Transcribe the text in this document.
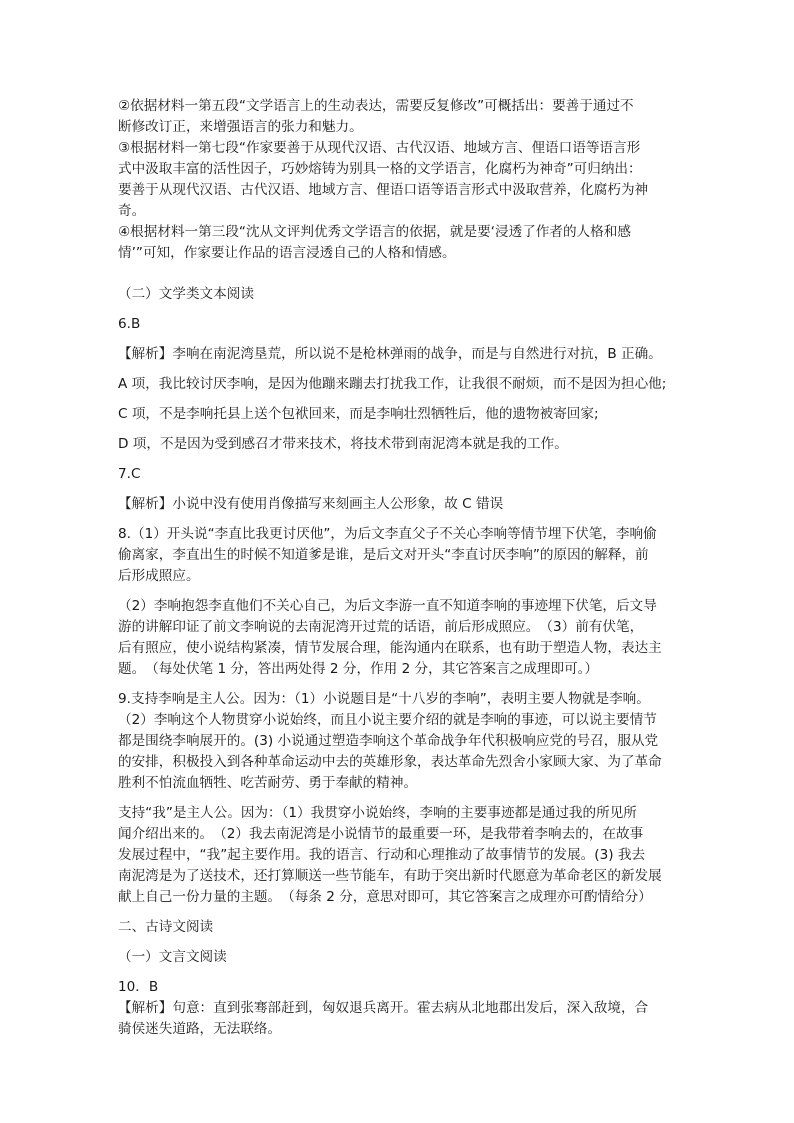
②依据材料一第五段“文学语言上的生动表达，需要反复修改”可概括出：要善于通过不

断修改订正，来增强语言的张力和魅力。

③根据材料一第七段“作家要善于从现代汉语、古代汉语、地域方言、俚语口语等语言形

式中汲取丰富的活性因子，巧妙熔铸为别具一格的文学语言，化腐朽为神奇”可归纳出：

要善于从现代汉语、古代汉语、地域方言、俚语口语等语言形式中汲取营养，化腐朽为神

奇。

④根据材料一第三段“沈从文评判优秀文学语言的依据，就是要‘浸透了作者的人格和感

情’”可知，作家要让作品的语言浸透自己的人格和情感。

（二）文学类文本阅读

6.B

【解析】李响在南泥湾垦荒，所以说不是枪林弹雨的战争，而是与自然进行对抗，B 正确。

A 项，我比较讨厌李响，是因为他蹦来蹦去打扰我工作，让我很不耐烦，而不是因为担心他;

C 项，不是李响托县上送个包袱回来，而是李响壮烈牺牲后，他的遗物被寄回家;

D 项，不是因为受到感召才带来技术，将技术带到南泥湾本就是我的工作。

7.C

【解析】小说中没有使用肖像描写来刻画主人公形象，故 C 错误

8.（1）开头说“李直比我更讨厌他”，为后文李直父子不关心李响等情节埋下伏笔，李响偷

偷离家，李直出生的时候不知道爹是谁，是后文对开头“李直讨厌李响”的原因的解释，前

后形成照应。

（2）李响抱怨李直他们不关心自己，为后文李游一直不知道李响的事迹埋下伏笔，后文导

游的讲解印证了前文李响说的去南泥湾开过荒的话语，前后形成照应。　（3）前有伏笔，

后有照应，使小说结构紧凑，情节发展合理，能沟通内在联系，也有助于塑造人物，表达主

题。　（每处伏笔 1 分，答出两处得 2 分，作用 2 分，其它答案言之成理即可。）

9.支持李响是主人公。因为：（1）小说题目是“十八岁的李响”，表明主要人物就是李响。

（2）李响这个人物贯穿小说始终，而且小说主要介绍的就是李响的事迹，可以说主要情节

都是围绕李响展开的。(3) 小说通过塑造李响这个革命战争年代积极响应党的号召，服从党

的安排，积极投入到各种革命运动中去的英雄形象，表达革命先烈舍小家顾大家、为了革命

胜利不怕流血牺牲、吃苦耐劳、勇于奉献的精神。

支持“我”是主人公。因为：（1）我贯穿小说始终，李响的主要事迹都是通过我的所见所

闻介绍出来的。　（2）我去南泥湾是小说情节的最重要一环，是我带着李响去的，在故事

发展过程中，“我”起主要作用。我的语言、行动和心理推动了故事情节的发展。(3) 我去

南泥湾是为了送技术，还打算顺送一些节能车，有助于突出新时代愿意为革命老区的新发展

献上自己一份力量的主题。　（每条 2 分，意思对即可，其它答案言之成理亦可酌情给分）

二、古诗文阅读

（一）文言文阅读

10．B

【解析】句意：直到张骞部赶到，匈奴退兵离开。霍去病从北地郡出发后，深入敌境，合

骑侯迷失道路，无法联络。
